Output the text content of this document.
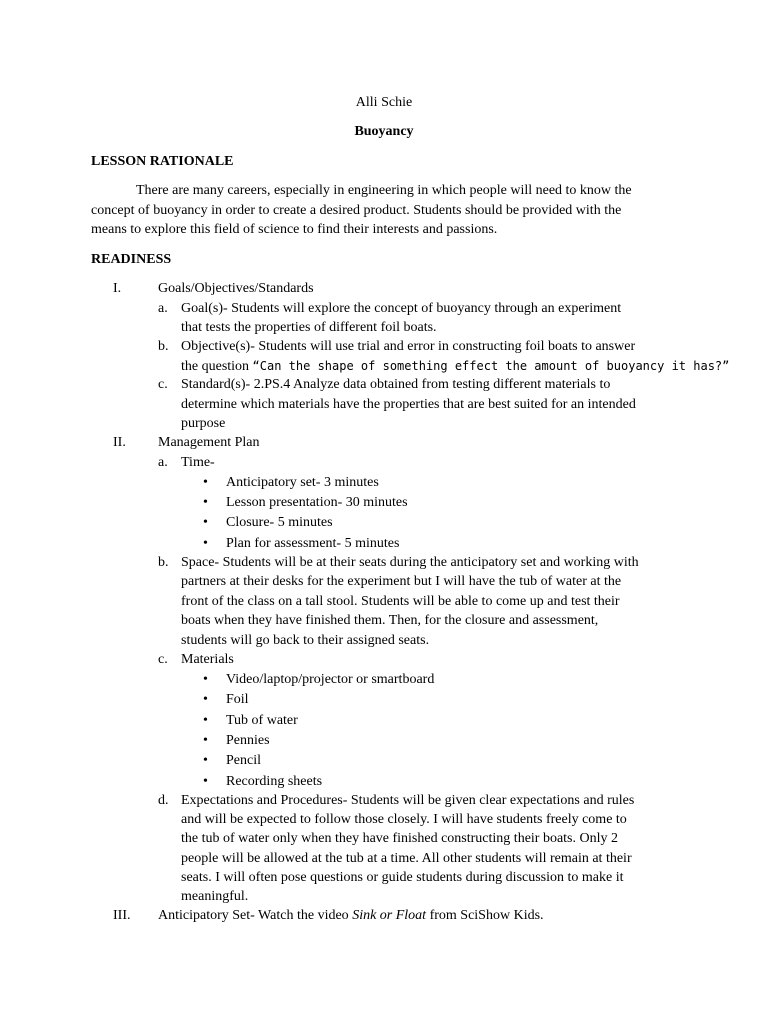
Alli Schie
Buoyancy
LESSON RATIONALE
There are many careers, especially in engineering in which people will need to know the
concept of buoyancy in order to create a desired product. Students should be provided with the
means to explore this field of science to find their interests and passions.
READINESS
I.	Goals/Objectives/Standards
a. Goal(s)- Students will explore the concept of buoyancy through an experiment
that tests the properties of different foil boats.
b. Objective(s)- Students will use trial and error in constructing foil boats to answer
the question “Can the shape of something effect the amount of buoyancy it has?”
c. Standard(s)- 2.PS.4 Analyze data obtained from testing different materials to
determine which materials have the properties that are best suited for an intended
purpose
II. Management Plan
a. Time-
• Anticipatory set- 3 minutes
• Lesson presentation- 30 minutes
• Closure- 5 minutes
• Plan for assessment- 5 minutes
b. Space- Students will be at their seats during the anticipatory set and working with
partners at their desks for the experiment but I will have the tub of water at the
front of the class on a tall stool. Students will be able to come up and test their
boats when they have finished them. Then, for the closure and assessment,
students will go back to their assigned seats.
c. Materials
• Video/laptop/projector or smartboard
• Foil
• Tub of water
• Pennies
• Pencil
• Recording sheets
d. Expectations and Procedures- Students will be given clear expectations and rules
and will be expected to follow those closely. I will have students freely come to
the tub of water only when they have finished constructing their boats. Only 2
people will be allowed at the tub at a time. All other students will remain at their
seats. I will often pose questions or guide students during discussion to make it
meaningful.
III. Anticipatory Set- Watch the video Sink or Float from SciShow Kids.
